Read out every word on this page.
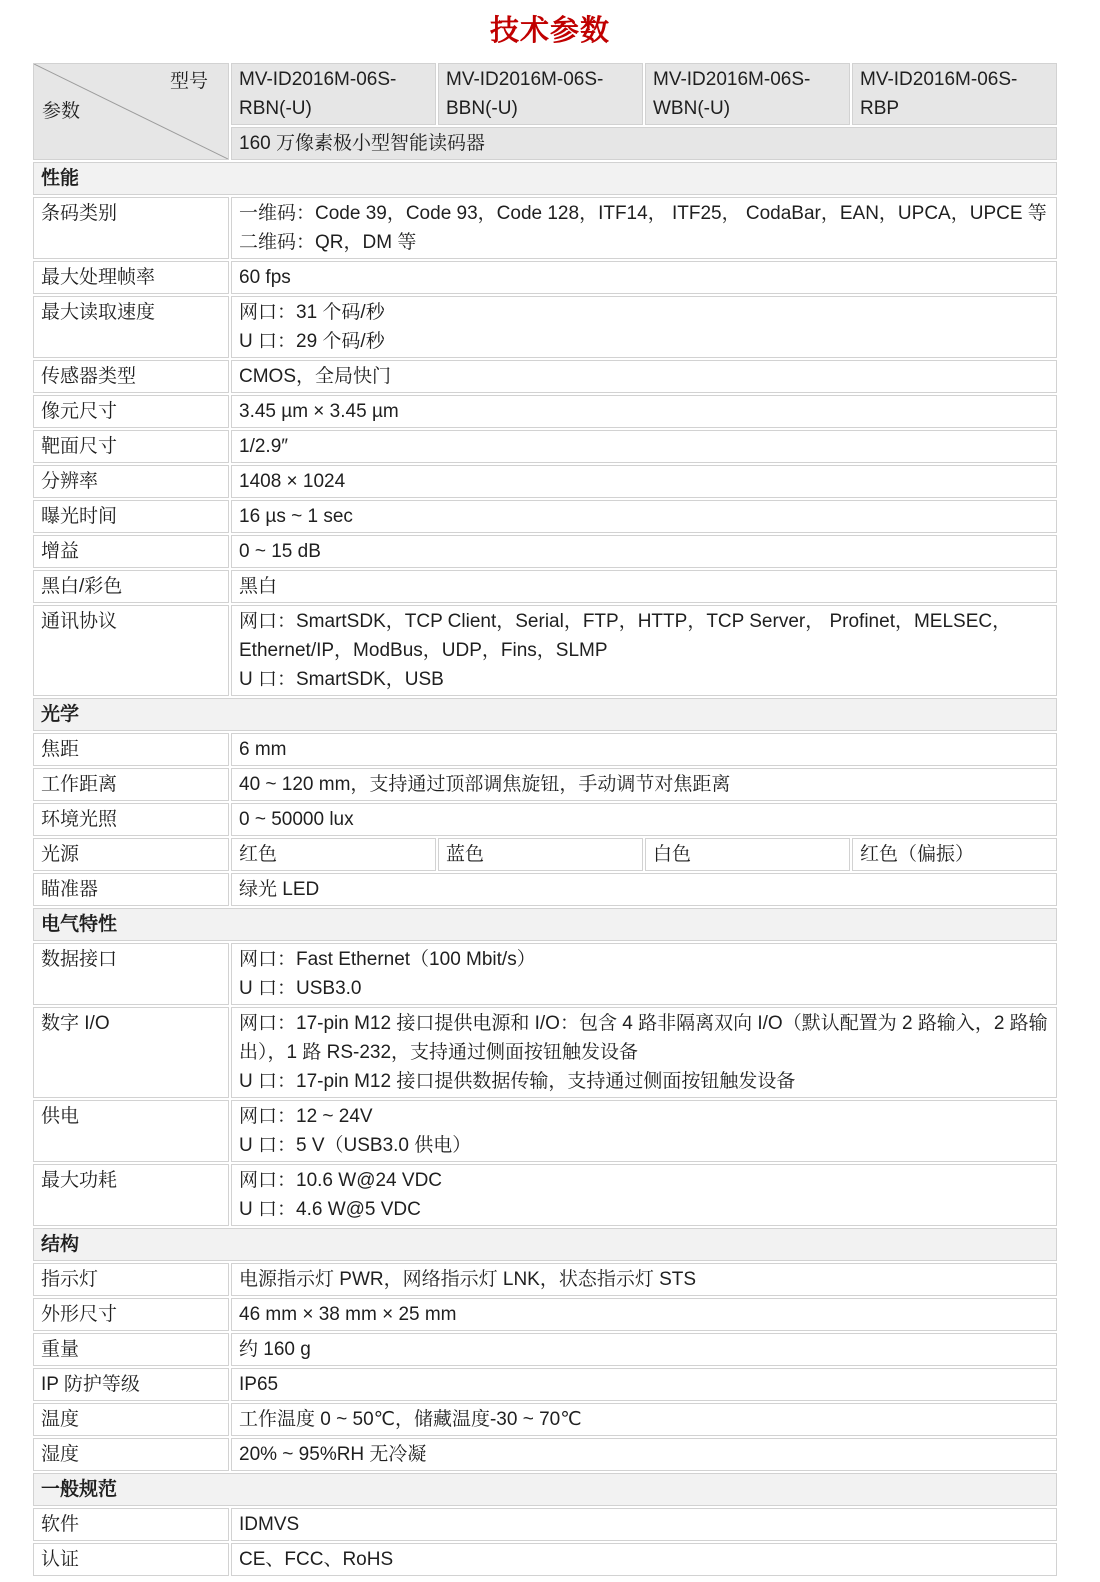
技术参数
型号
参数	MV-ID2016M-06S-RBN(-U)	MV-ID2016M-06S-BBN(-U)	MV-ID2016M-06S-WBN(-U)	MV-ID2016M-06S-RBP
	160 万像素极小型智能读码器			
性能				
条码类别	一维码：Code 39，Code 93，Code 128，ITF14， ITF25， CodaBar，EAN，UPCA，UPCE 等
二维码：QR，DM 等			

最大处理帧率	60 fps			

最大读取速度	网口：31 个码/秒
U 口：29 个码/秒			

传感器类型	CMOS，全局快门			

像元尺寸	3.45 µm × 3.45 µm			

靶面尺寸	1/2.9″			

分辨率	1408 × 1024			

曝光时间	16 µs ~ 1 sec			

增益	0 ~ 15 dB			

黑白/彩色	黑白			

通讯协议	网口：SmartSDK，TCP Client，Serial，FTP，HTTP，TCP Server， Profinet，MELSEC，Ethernet/IP，ModBus，UDP，Fins，SLMP
U 口：SmartSDK，USB			

光学				
焦距	6 mm			

工作距离	40 ~ 120 mm，支持通过顶部调焦旋钮，手动调节对焦距离			

环境光照	0 ~ 50000 lux			

光源	红色	蓝色	白色	红色（偏振）
瞄准器	绿光 LED			

电气特性				
数据接口	网口：Fast Ethernet（100 Mbit/s）
U 口：USB3.0			

数字 I/O	网口：17-pin M12 接口提供电源和 I/O：包含 4 路非隔离双向 I/O（默认配置为 2 路输入，2 路输出），1 路 RS-232，支持通过侧面按钮触发设备
U 口：17-pin M12 接口提供数据传输，支持通过侧面按钮触发设备			

供电	网口：12 ~ 24V
U 口：5 V（USB3.0 供电）			

最大功耗	网口：10.6 W@24 VDC
U 口：4.6 W@5 VDC			

结构				
指示灯	电源指示灯 PWR，网络指示灯 LNK，状态指示灯 STS			

外形尺寸	46 mm × 38 mm × 25 mm			

重量	约 160 g			

IP 防护等级	IP65			

温度	工作温度 0 ~ 50℃，储藏温度-30 ~ 70℃			

湿度	20% ~ 95%RH 无冷凝			

一般规范				
软件	IDMVS			

认证	CE、FCC、RoHS			
